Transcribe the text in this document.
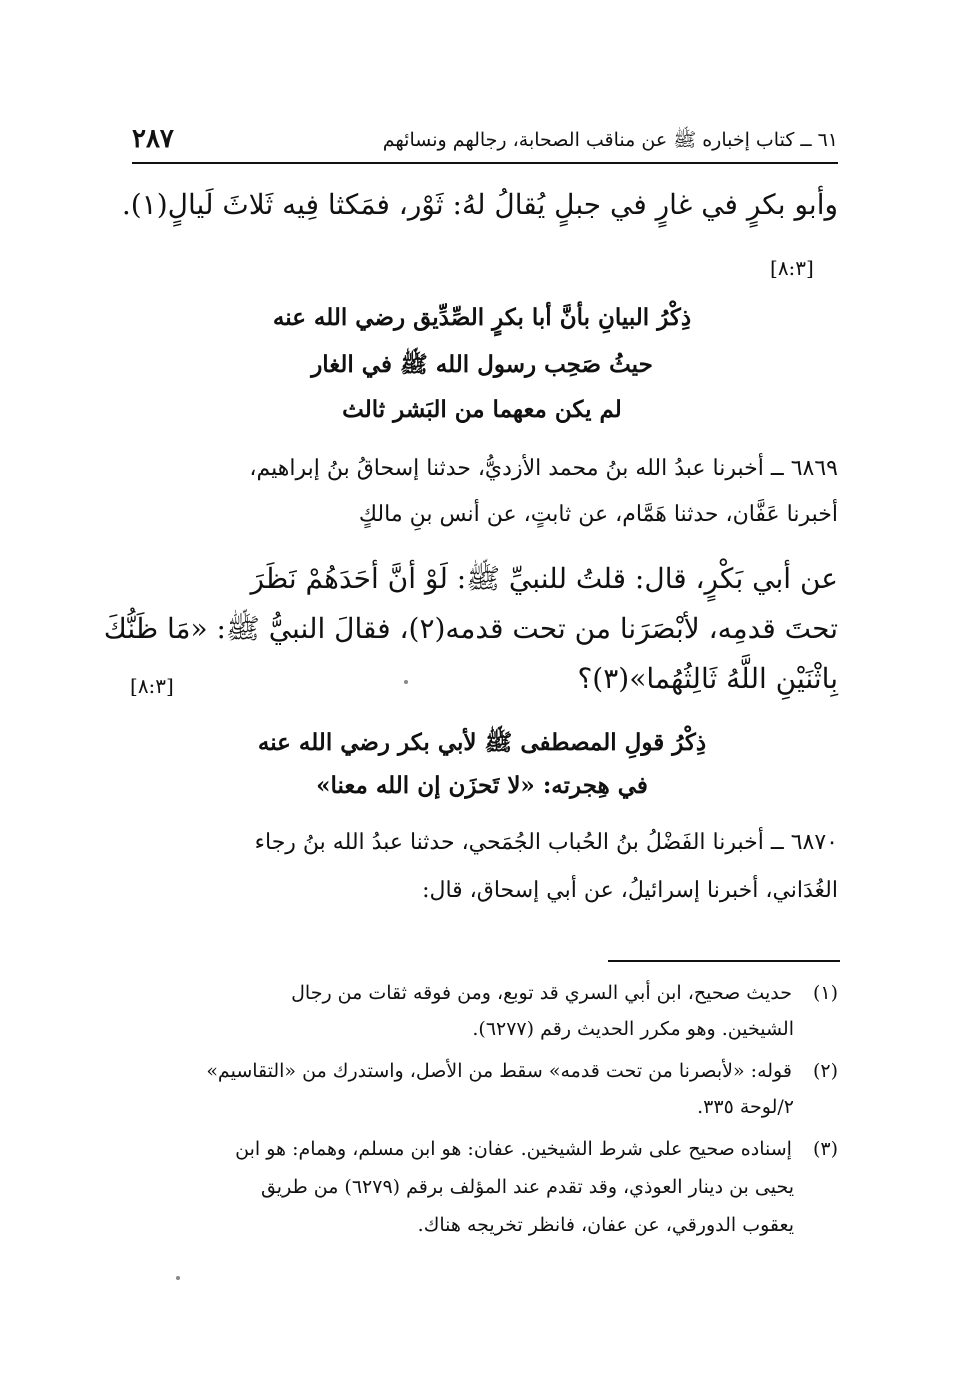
٦١ ــ كتاب إخباره ﷺ عن مناقب الصحابة، رجالهم ونسائهم
٢٨٧
وأبو بكرٍ في غارٍ في جبلٍ يُقالُ لهُ: ثَوْر، فمَكثا فِيه ثَلاثَ لَيالٍ(١).
[٨:٣]
ذِكْرُ البيانِ بأنَّ أبا بكرٍ الصِّدِّيق رضي الله عنه
حيثُ صَحِب رسول الله ﷺ في الغار
لم يكن معهما من البَشر ثالث
٦٨٦٩ ــ أخبرنا عبدُ الله بنُ محمد الأزديُّ، حدثنا إسحاقُ بنُ إبراهيم،
أخبرنا عَفَّان، حدثنا هَمَّام، عن ثابتٍ، عن أنس بنِ مالكٍ
عن أبي بَكْرٍ، قال: قلتُ للنبيِّ ﷺ: لَوْ أنَّ أحَدَهُمْ نَظَرَ
تحتَ قدمِه، لأبْصَرَنا من تحت قدمه(٢)، فقالَ النبيُّ ﷺ: «مَا ظَنُّكَ
بِاثْنَيْنِ اللَّهُ ثَالِثُهُما»(٣)؟
[٨:٣]
ذِكْرُ قولِ المصطفى ﷺ لأبي بكر رضي الله عنه
في هِجرته: «لا تَحزَن إن الله معنا»
٦٨٧٠ ــ أخبرنا الفَضْلُ بنُ الحُباب الجُمَحي، حدثنا عبدُ الله بنُ رجاء
الغُدَاني، أخبرنا إسرائيلُ، عن أبي إسحاق، قال:
(١) حديث صحيح، ابن أبي السري قد توبع، ومن فوقه ثقات من رجال
الشيخين. وهو مكرر الحديث رقم (٦٢٧٧).
(٢) قوله: «لأبصرنا من تحت قدمه» سقط من الأصل، واستدرك من «التقاسيم»
٢/لوحة ٣٣٥.
(٣) إسناده صحيح على شرط الشيخين. عفان: هو ابن مسلم، وهمام: هو ابن
يحيى بن دينار العوذي، وقد تقدم عند المؤلف برقم (٦٢٧٩) من طريق
يعقوب الدورقي، عن عفان، فانظر تخريجه هناك.
